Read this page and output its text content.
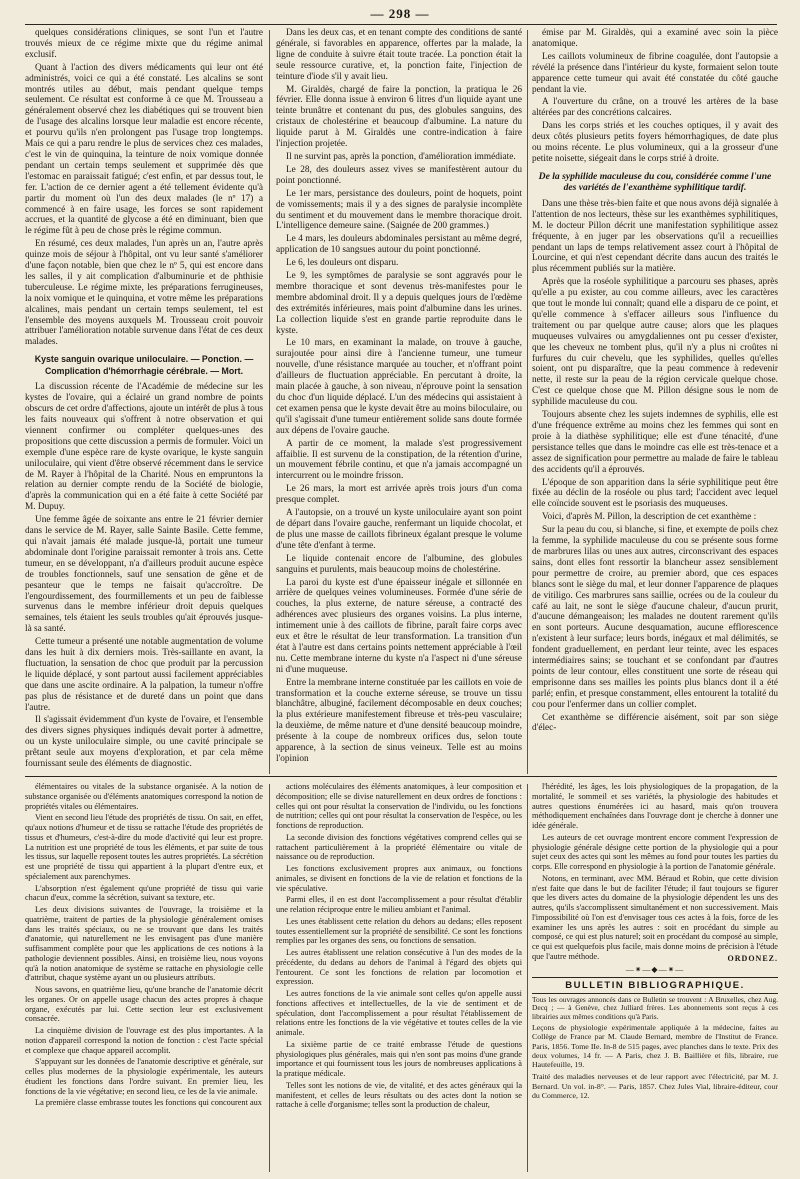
— 298 —

quelques considérations cliniques, se sont l'un et l'autre trouvés mieux de ce régime mixte que du régime animal exclusif.

Quant à l'action des divers médicaments qui leur ont été administrés, voici ce qui a été constaté. Les alcalins se sont montrés utiles au début, mais pendant quelque temps seulement. Ce résultat est conforme à ce que M. Trousseau a généralement observé chez les diabétiques qui se trouvent bien de l'usage des alcalins lorsque leur maladie est encore récente, et pourvu qu'ils n'en prolongent pas l'usage trop longtemps. Mais ce qui a paru rendre le plus de services chez ces malades, c'est le vin de quinquina, la teinture de noix vomique donnée pendant un certain temps seulement et supprimée dès que l'estomac en paraissait fatigué; c'est enfin, et par dessus tout, le fer. L'action de ce dernier agent a été tellement évidente qu'à partir du moment où l'un des deux malades (le nº 17) a commencé à en faire usage, les forces se sont rapidement accrues, et la quantité de glycose a été en diminuant, bien que le régime fût à peu de chose près le régime commun.

En résumé, ces deux malades, l'un après un an, l'autre après quinze mois de séjour à l'hôpital, ont vu leur santé s'améliorer d'une façon notable, bien que chez le nº 5, qui est encore dans les salles, il y ait complication d'albuminurie et de phthisie tuberculeuse. Le régime mixte, les préparations ferrugineuses, la noix vomique et le quinquina, et votre même les préparations alcalines, mais pendant un certain temps seulement, tel est l'ensemble des moyens auxquels M. Trousseau croit pouvoir attribuer l'amélioration notable survenue dans l'état de ces deux malades.

Kyste sanguin ovarique uniloculaire. — Ponction. — Complication d'hémorrhagie cérébrale. — Mort.

La discussion récente de l'Académie de médecine sur les kystes de l'ovaire, qui a éclairé un grand nombre de points obscurs de cet ordre d'affections, ajoute un intérêt de plus à tous les faits nouveaux qui s'offrent à notre observation et qui viennent confirmer ou compléter quelques-unes des propositions que cette discussion a permis de formuler. Voici un exemple d'une espèce rare de kyste ovarique, le kyste sanguin uniloculaire, qui vient d'être observé récemment dans le service de M. Rayer à l'hôpital de la Charité. Nous en empruntons la relation au dernier compte rendu de la Société de biologie, d'après la communication qui en a été faite à cette Société par M. Dupuy.

Une femme âgée de soixante ans entre le 21 février dernier dans le service de M. Rayer, salle Sainte Basile. Cette femme, qui n'avait jamais été malade jusque-là, portait une tumeur abdominale dont l'origine paraissait remonter à trois ans. Cette tumeur, en se développant, n'a d'ailleurs produit aucune espèce de troubles fonctionnels, sauf une sensation de gêne et de pesanteur que le temps ne faisait qu'accroître. De l'engourdissement, des fourmillements et un peu de faiblesse survenus dans le membre inférieur droit depuis quelques semaines, tels étaient les seuls troubles qu'ait éprouvés jusque-là sa santé.

Cette tumeur a présenté une notable augmentation de volume dans les huit à dix derniers mois. Très-saillante en avant, la fluctuation, la sensation de choc que produit par la percussion le liquide déplacé, y sont partout aussi facilement appréciables que dans une ascite ordinaire. A la palpation, la tumeur n'offre pas plus de résistance et de dureté dans un point que dans l'autre.

Il s'agissait évidemment d'un kyste de l'ovaire, et l'ensemble des divers signes physiques indiqués devait porter à admettre, ou un kyste uniloculaire simple, ou une cavité principale se prêtant seule aux moyens d'exploration, et par cela même fournissant seule des éléments de diagnostic.

Dans les deux cas, et en tenant compte des conditions de santé générale, si favorables en apparence, offertes par la malade, la ligne de conduite à suivre était toute tracée. La ponction était la seule ressource curative, et, la ponction faite, l'injection de teinture d'iode s'il y avait lieu.

M. Giraldès, chargé de faire la ponction, la pratiqua le 26 février. Elle donna issue à environ 6 litres d'un liquide ayant une teinte brunâtre et contenant du pus, des globules sanguins, des cristaux de cholestérine et beaucoup d'albumine. La nature du liquide parut à M. Giraldès une contre-indication à faire l'injection projetée.

Il ne survint pas, après la ponction, d'amélioration immédiate.

Le 28, des douleurs assez vives se manifestèrent autour du point ponctionné.

Le 1er mars, persistance des douleurs, point de hoquets, point de vomissements; mais il y a des signes de paralysie incomplète du sentiment et du mouvement dans le membre thoracique droit. L'intelligence demeure saine. (Saignée de 200 grammes.)

Le 4 mars, les douleurs abdominales persistant au même degré, application de 10 sangsues autour du point ponctionné.

Le 6, les douleurs ont disparu.

Le 9, les symptômes de paralysie se sont aggravés pour le membre thoracique et sont devenus très-manifestes pour le membre abdominal droit. Il y a depuis quelques jours de l'œdème des extrémités inférieures, mais point d'albumine dans les urines. La collection liquide s'est en grande partie reproduite dans le kyste.

Le 10 mars, en examinant la malade, on trouve à gauche, surajoutée pour ainsi dire à l'ancienne tumeur, une tumeur nouvelle, d'une résistance marquée au toucher, et n'offrant point d'ailleurs de fluctuation appréciable. En percutant à droite, la main placée à gauche, à son niveau, n'éprouve point la sensation du choc d'un liquide déplacé. L'un des médecins qui assistaient à cet examen pensa que le kyste devait être au moins biloculaire, ou qu'il s'agissait d'une tumeur entièrement solide sans doute formée aux dépens de l'ovaire gauche.

A partir de ce moment, la malade s'est progressivement affaiblie. Il est survenu de la constipation, de la rétention d'urine, un mouvement fébrile continu, et que n'a jamais accompagné un intercurrent ou le moindre frisson.

Le 26 mars, la mort est arrivée après trois jours d'un coma presque complet.

A l'autopsie, on a trouvé un kyste uniloculaire ayant son point de départ dans l'ovaire gauche, renfermant un liquide chocolat, et de plus une masse de caillots fibrineux égalant presque le volume d'une tête d'enfant à terme.

Le liquide contenait encore de l'albumine, des globules sanguins et purulents, mais beaucoup moins de cholestérine.

La paroi du kyste est d'une épaisseur inégale et sillonnée en arrière de quelques veines volumineuses. Formée d'une série de couches, la plus externe, de nature séreuse, a contracté des adhérences avec plusieurs des organes voisins. La plus interne, intimement unie à des caillots de fibrine, paraît faire corps avec eux et être le résultat de leur transformation. La transition d'un état à l'autre est dans certains points nettement appréciable à l'œil nu. Cette membrane interne du kyste n'a l'aspect ni d'une séreuse ni d'une muqueuse.

Entre la membrane interne constituée par les caillots en voie de transformation et la couche externe séreuse, se trouve un tissu blanchâtre, albuginé, facilement décomposable en deux couches; la plus extérieure manifestement fibreuse et très-peu vasculaire; la deuxième, de même nature et d'une densité beaucoup moindre, présente à la coupe de nombreux orifices dus, selon toute apparence, à la section de sinus veineux. Telle est au moins l'opinion

émise par M. Giraldès, qui a examiné avec soin la pièce anatomique.

Les caillots volumineux de fibrine coagulée, dont l'autopsie a révélé la présence dans l'intérieur du kyste, formaient selon toute apparence cette tumeur qui avait été constatée du côté gauche pendant la vie.

A l'ouverture du crâne, on a trouvé les artères de la base altérées par des concrétions calcaires.

Dans les corps striés et les couches optiques, il y avait des deux côtés plusieurs petits foyers hémorrhagiques, de date plus ou moins récente. Le plus volumineux, qui a la grosseur d'une petite noisette, siégeait dans le corps strié à droite.

De la syphilide maculeuse du cou, considérée comme l'une des variétés de l'exanthème syphilitique tardif.

Dans une thèse très-bien faite et que nous avons déjà signalée à l'attention de nos lecteurs, thèse sur les exanthèmes syphilitiques, M. le docteur Pillon décrit une manifestation syphilitique assez fréquente, à en juger par les observations qu'il a recueillies pendant un laps de temps relativement assez court à l'hôpital de Lourcine, et qui n'est cependant décrite dans aucun des traités le plus récemment publiés sur la matière.

Après que la roséole syphilitique a parcouru ses phases, après qu'elle a pu exister, au cou comme ailleurs, avec les caractères que tout le monde lui connaît; quand elle a disparu de ce point, et qu'elle commence à s'effacer ailleurs sous l'influence du traitement ou par quelque autre cause; alors que les plaques muqueuses vulvaires ou amygdaliennes ont pu cesser d'exister, que les cheveux ne tombent plus, qu'il n'y a plus ni croûtes ni furfures du cuir chevelu, que les syphilides, quelles qu'elles soient, ont pu disparaître, que la peau commence à redevenir nette, il reste sur la peau de la région cervicale quelque chose. C'est ce quelque chose que M. Pillon désigne sous le nom de syphilide maculeuse du cou.

Toujours absente chez les sujets indemnes de syphilis, elle est d'une fréquence extrême au moins chez les femmes qui sont en proie à la diathèse syphilitique; elle est d'une ténacité, d'une persistance telles que dans le moindre cas elle est très-tenace et a assez de signification pour permettre au malade de faire le tableau des accidents qu'il a éprouvés.

L'époque de son apparition dans la série syphilitique peut être fixée au déclin de la roséole ou plus tard; l'accident avec lequel elle coïncide souvent est le psoriasis des muqueuses.

Voici, d'après M. Pillon, la description de cet exanthème :

Sur la peau du cou, si blanche, si fine, et exempte de poils chez la femme, la syphilide maculeuse du cou se présente sous forme de marbrures lilas ou unes aux autres, circonscrivant des espaces sains, dont elles font ressortir la blancheur assez sensiblement pour permettre de croire, au premier abord, que ces espaces blancs sont le siège du mal, et leur donner l'apparence de plaques de vitiligo. Ces marbrures sans saillie, ocrées ou de la couleur du café au lait, ne sont le siège d'aucune chaleur, d'aucun prurit, d'aucune démangeaison; les malades ne doutent rarement qu'ils en sont porteurs. Aucune desquamation, aucune efflorescence n'existent à leur surface; leurs bords, inégaux et mal délimités, se fondent graduellement, en perdant leur teinte, avec les espaces intermédiaires sains; se touchant et se confondant par d'autres points de leur contour, elles constituent une sorte de réseau qui emprisonne dans ses mailles les points plus blancs dont il a été parlé; enfin, et presque constamment, elles entourent la totalité du cou pour l'enfermer dans un collier complet.

Cet exanthème se différencie aisément, soit par son siège d'élec-

élémentaires ou vitales de la substance organisée. A la notion de substance organisée ou d'éléments anatomiques correspond la notion de propriétés vitales ou élémentaires.

Vient en second lieu l'étude des propriétés de tissu. On sait, en effet, qu'aux notions d'humeur et de tissu se rattache l'étude des propriétés de tissus et d'humeurs, c'est-à-dire du mode d'activité qui leur est propre. La nutrition est une propriété de tous les éléments, et par suite de tous les tissus, sur laquelle reposent toutes les autres propriétés. La sécrétion est une propriété de tissu qui appartient à la plupart d'entre eux, et spécialement aux parenchymes.

L'absorption n'est également qu'une propriété de tissu qui varie chacun d'eux, comme la sécrétion, suivant sa texture, etc.

Les deux divisions suivantes de l'ouvrage, la troisième et la quatrième, traitent de parties de la physiologie généralement omises dans les traités spéciaux, ou ne se trouvant que dans les traités d'anatomie, qui naturellement ne les envisagent pas d'une manière suffisamment complète pour que les applications de ces notions à la pathologie deviennent possibles. Ainsi, en troisième lieu, nous voyons qu'à la notion anatomique de système se rattache en physiologie celle d'attribut, chaque système ayant un ou plusieurs attributs.

Nous savons, en quatrième lieu, qu'une branche de l'anatomie décrit les organes. Or on appelle usage chacun des actes propres à chaque organe, exécutés par lui. Cette section leur est exclusivement consacrée.

La cinquième division de l'ouvrage est des plus importantes. A la notion d'appareil correspond la notion de fonction : c'est l'acte spécial et complexe que chaque appareil accomplit.

S'appuyant sur les données de l'anatomie descriptive et générale, sur celles plus modernes de la physiologie expérimentale, les auteurs étudient les fonctions dans l'ordre suivant. En premier lieu, les fonctions de la vie végétative; en second lieu, ce les de la vie animale.

La première classe embrasse toutes les fonctions qui concourent aux

actions moléculaires des éléments anatomiques, à leur composition et décomposition; elle se divise naturellement en deux ordres de fonctions : celles qui ont pour résultat la conservation de l'individu, ou les fonctions de nutrition; celles qui ont pour résultat la conservation de l'espèce, ou les fonctions de reproduction.

La seconde division des fonctions végétatives comprend celles qui se rattachent particulièrement à la propriété élémentaire ou vitale de naissance ou de reproduction.

Les fonctions exclusivement propres aux animaux, ou fonctions animales, se divisent en fonctions de la vie de relation et fonctions de la vie spéculative.

Parmi elles, il en est dont l'accomplissement a pour résultat d'établir une relation réciproque entre le milieu ambiant et l'animal.

Les unes établissent cette relation du dehors au dedans; elles reposent toutes essentiellement sur la propriété de sensibilité. Ce sont les fonctions remplies par les organes des sens, ou fonctions de sensation.

Les autres établissent une relation consécutive à l'un des modes de la précédente, du dedans au dehors de l'animal à l'égard des objets qui l'entourent. Ce sont les fonctions de relation par locomotion et expression.

Les autres fonctions de la vie animale sont celles qu'on appelle aussi fonctions affectives et intellectuelles, de la vie de sentiment et de spéculation, dont l'accomplissement a pour résultat l'établissement de relations entre les fonctions de la vie végétative et toutes celles de la vie animale.

La sixième partie de ce traité embrasse l'étude de questions physiologiques plus générales, mais qui n'en sont pas moins d'une grande importance et qui fournissent tous les jours de nombreuses applications à la pratique médicale.

Telles sont les notions de vie, de vitalité, et des actes généraux qui la manifestent, et celles de leurs résultats ou des actes dont la notion se rattache à celle d'organisme; telles sont la production de chaleur,

l'hérédité, les âges, les lois physiologiques de la propagation, de la mortalité, le sommeil et ses variétés, la physiologie des habitudes et autres questions énumérées ici au hasard, mais qu'on trouvera méthodiquement enchaînées dans l'ouvrage dont je cherche à donner une idée générale.

Les auteurs de cet ouvrage montrent encore comment l'expression de physiologie générale désigne cette portion de la physiologie qui a pour sujet ceux des actes qui sont les mêmes au fond pour toutes les parties du corps. Elle correspond en physiologie à la portion de l'anatomie générale.

Notons, en terminant, avec MM. Béraud et Robin, que cette division n'est faite que dans le but de faciliter l'étude; il faut toujours se figurer que les divers actes du domaine de la physiologie dépendent les uns des autres, qu'ils s'accomplissent simultanément et non successivement. Mais l'impossibilité où l'on est d'envisager tous ces actes à la fois, force de les examiner les uns après les autres : soit en procédant du simple au composé, ce qui est plus naturel; soit en procédant du composé au simple, ce qui est quelquefois plus facile, mais donne moins de précision à l'étude que l'autre méthode.	ORDONEZ.
—⁕—◆—⁕—
BULLETIN BIBLIOGRAPHIQUE.

Tous les ouvrages annoncés dans ce Bulletin se trouvent : A Bruxelles, chez Aug. Decq ; — à Genève, chez Julliard frères. Les abonnements sont reçus à ces librairies aux mêmes conditions qu'à Paris.

Leçons de physiologie expérimentale appliquée à la médecine, faites au Collège de France par M. Claude Bernard, membre de l'Institut de France. Paris, 1856. Tome IIe. In-8 de 515 pages, avec planches dans le texte. Prix des deux volumes, 14 fr. — A Paris, chez J. B. Baillière et fils, libraire, rue Hautefeuille, 19.

Traité des maladies nerveuses et de leur rapport avec l'électricité, par M. J. Bernard. Un vol. in-8°. — Paris, 1857. Chez Jules Vial, libraire-éditeur, cour du Commerce, 12.
